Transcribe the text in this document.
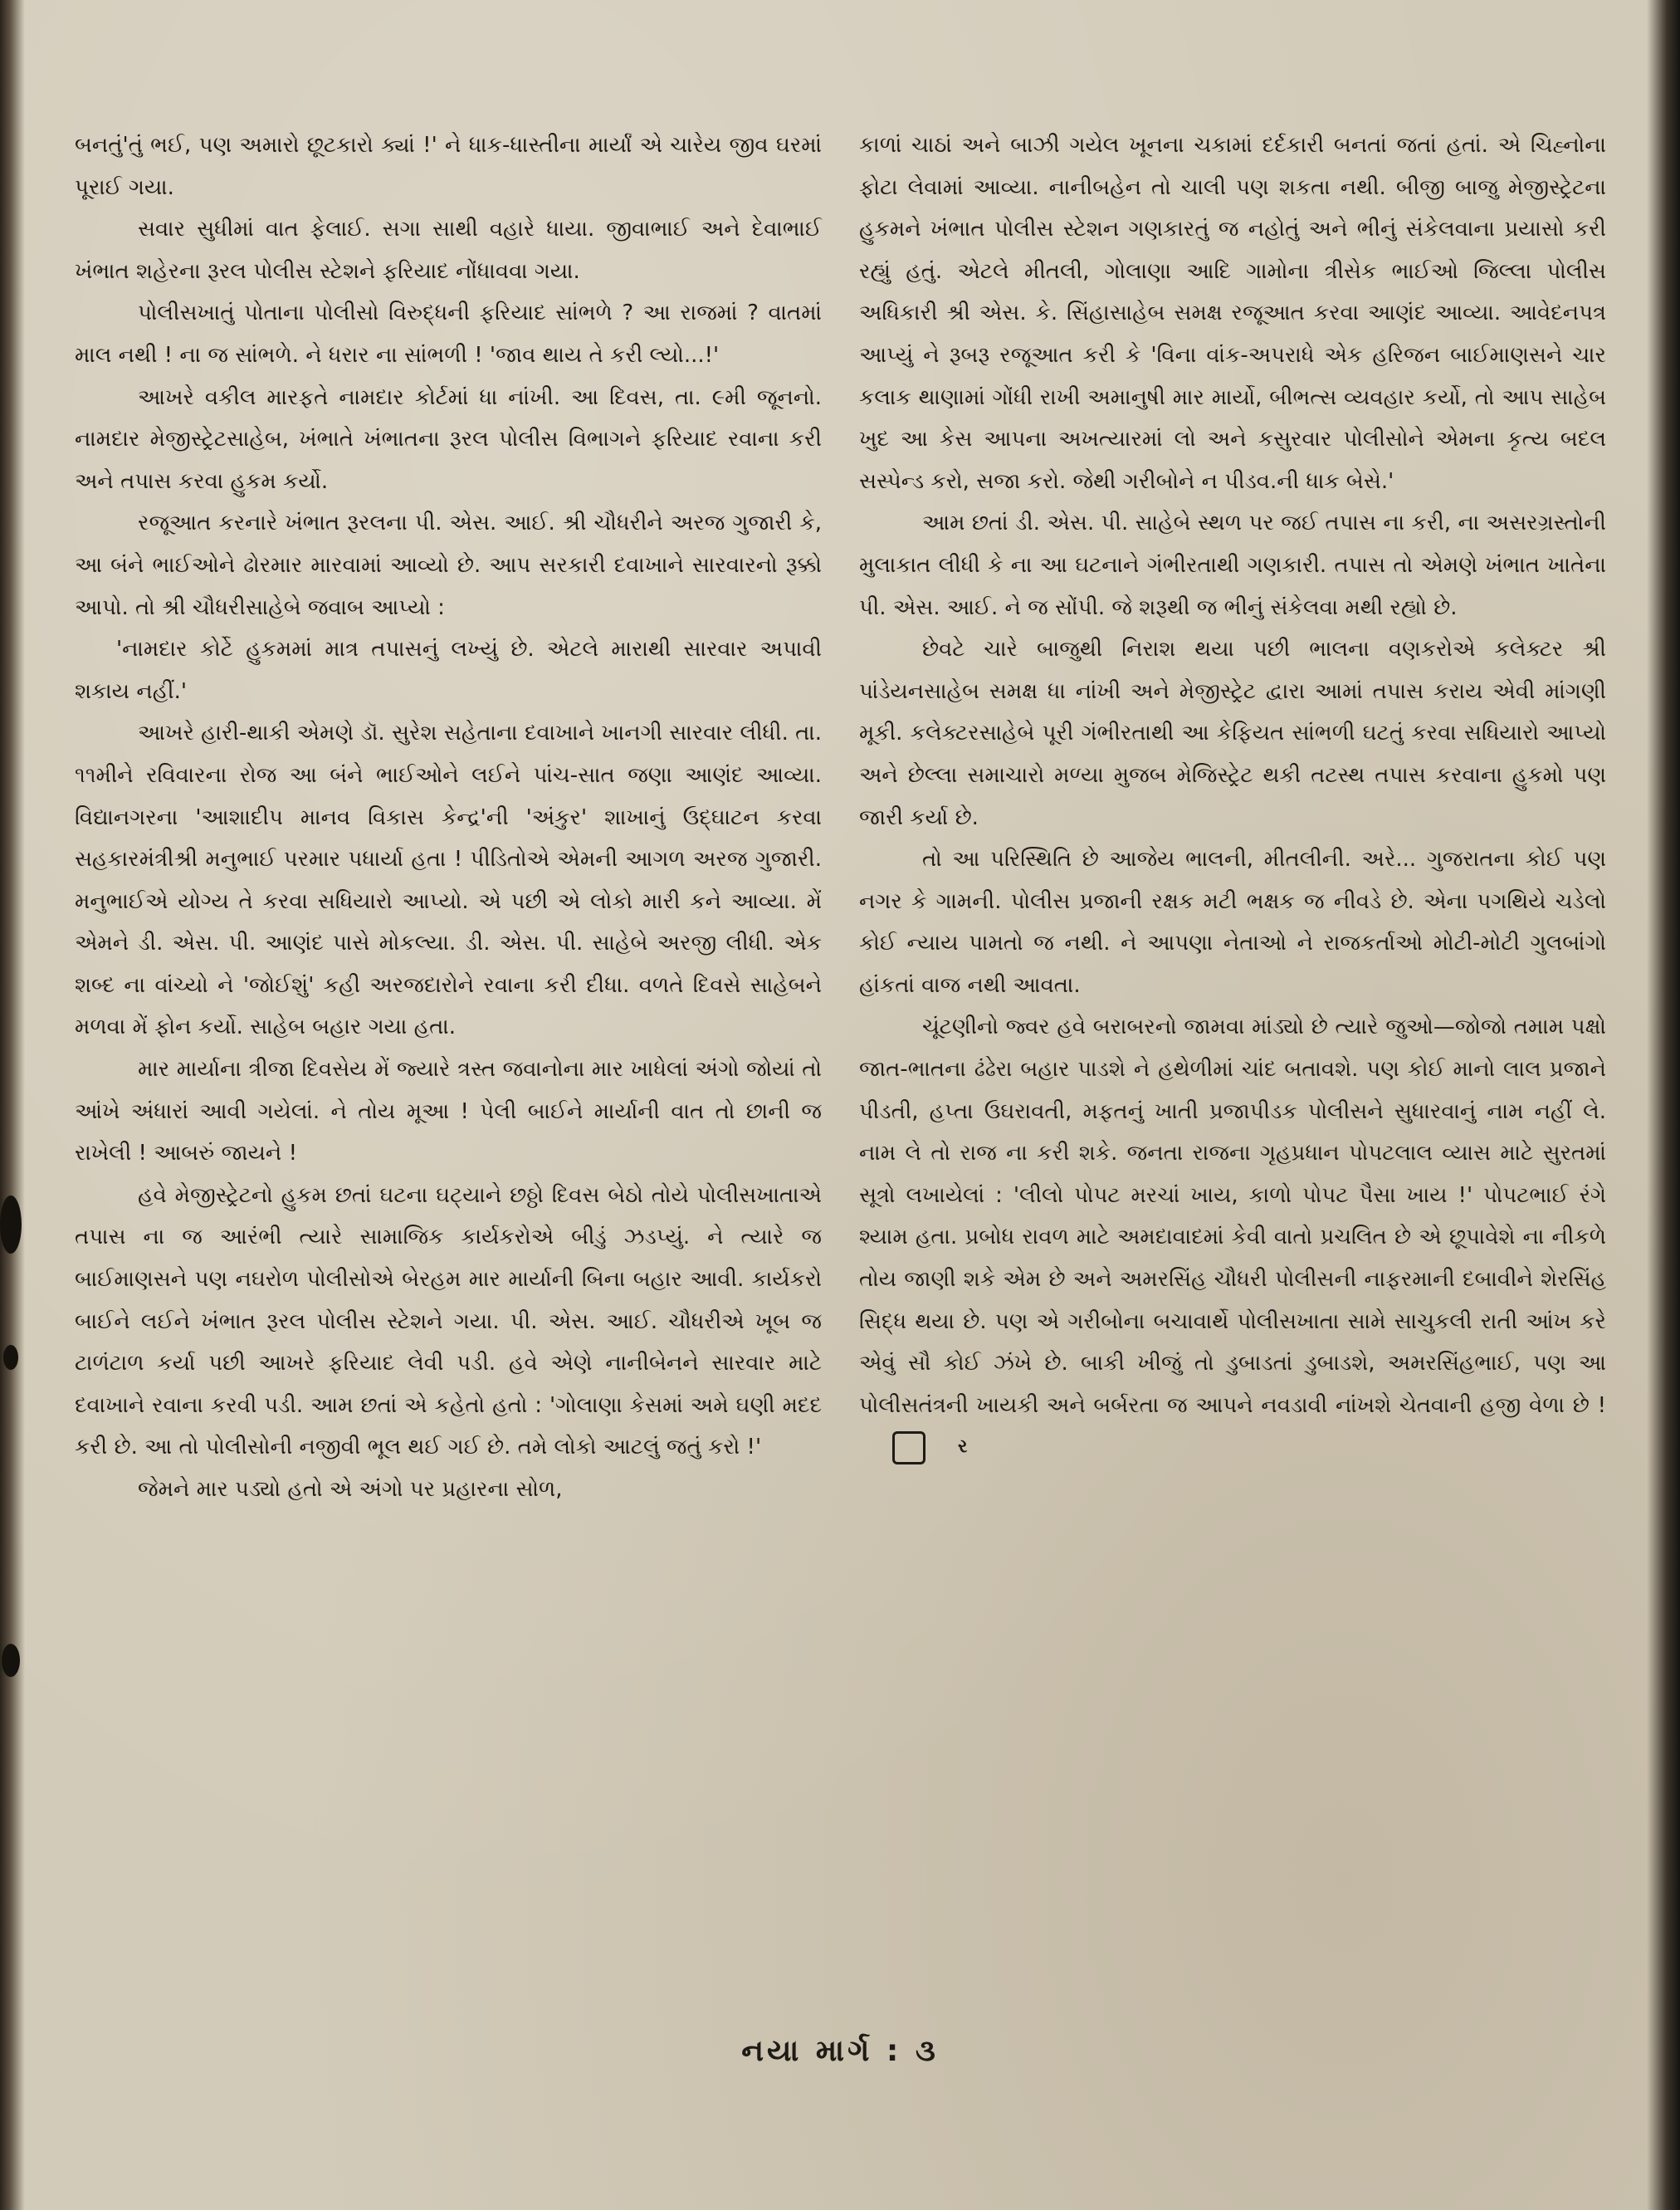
બનતું'તું ભઈ, પણ અમારો છૂટકારો ક્યાં !' ને ધાક-ધાસ્તીના માર્યાં એ ચારેય જીવ ઘરમાં પૂરાઈ ગયા.

સવાર સુધીમાં વાત ફેલાઈ. સગા સાથી વહારે ધાયા. જીવાભાઈ અને દેવાભાઈ ખંભાત શહેરના રૂરલ પોલીસ સ્ટેશને ફરિયાદ નોંધાવવા ગયા.

પોલીસખાતું પોતાના પોલીસો વિરુદ્ધની ફરિયાદ સાંભળે ? આ રાજમાં ? વાતમાં માલ નથી ! ના જ સાંભળે. ને ધરાર ના સાંભળી ! 'જાવ થાય તે કરી લ્યો...!'

આખરે વકીલ મારફતે નામદાર કોર્ટમાં ધા નાંખી. આ દિવસ, તા. ૯મી જૂનનો. નામદાર મેજીસ્ટ્રેટસાહેબ, ખંભાતે ખંભાતના રૂરલ પોલીસ વિભાગને ફરિયાદ રવાના કરી અને તપાસ કરવા હુકમ કર્યો.

રજૂઆત કરનારે ખંભાત રૂરલના પી. એસ. આઈ. શ્રી ચૌધરીને અરજ ગુજારી કે, આ બંને ભાઈઓને ઢોરમાર મારવામાં આવ્યો છે. આપ સરકારી દવાખાને સારવારનો રૂક્કો આપો. તો શ્રી ચૌધરીસાહેબે જવાબ આપ્યો :

'નામદાર કોર્ટે હુકમમાં માત્ર તપાસનું લખ્યું છે. એટલે મારાથી સારવાર અપાવી શકાય નહીં.'

આખરે હારી-થાકી એમણે ડૉ. સુરેશ સહેતાના દવાખાને ખાનગી સારવાર લીધી. તા. ૧૧મીને રવિવારના રોજ આ બંને ભાઈઓને લઈને પાંચ-સાત જણા આણંદ આવ્યા. વિદ્યાનગરના 'આશાદીપ માનવ વિકાસ કેન્દ્ર'ની 'અંકુર' શાખાનું ઉદ્ઘાટન કરવા સહકારમંત્રીશ્રી મનુભાઈ પરમાર પધાર્યા હતા ! પીડિતોએ એમની આગળ અરજ ગુજારી. મનુભાઈએ યોગ્ય તે કરવા સધિયારો આપ્યો. એ પછી એ લોકો મારી કને આવ્યા. મેં એમને ડી. એસ. પી. આણંદ પાસે મોકલ્યા. ડી. એસ. પી. સાહેબે અરજી લીધી. એક શબ્દ ના વાંચ્યો ને 'જોઈશું' કહી અરજદારોને રવાના કરી દીધા. વળતે દિવસે સાહેબને મળવા મેં ફોન કર્યો. સાહેબ બહાર ગયા હતા.

માર માર્યાના ત્રીજા દિવસેય મેં જ્યારે ત્રસ્ત જવાનોના માર ખાધેલાં અંગો જોયાં તો આંખે અંધારાં આવી ગયેલાં. ને તોય મૂઆ ! પેલી બાઈને માર્યાની વાત તો છાની જ રાખેલી ! આબરું જાયને !

હવે મેજીસ્ટ્રેટનો હુકમ છતાં ઘટના ઘટ્યાને છઠ્ઠો દિવસ બેઠો તોયે પોલીસખાતાએ તપાસ ના જ આરંભી ત્યારે સામાજિક કાર્યકરોએ બીડું ઝડપ્યું. ને ત્યારે જ બાઈમાણસને પણ નઘરોળ પોલીસોએ બેરહમ માર માર્યાની બિના બહાર આવી. કાર્યકરો બાઈને લઈને ખંભાત રૂરલ પોલીસ સ્ટેશને ગયા. પી. એસ. આઈ. ચૌધરીએ ખૂબ જ ટાળંટાળ કર્યા પછી આખરે ફરિયાદ લેવી પડી. હવે એણે નાનીબેનને સારવાર માટે દવાખાને રવાના કરવી પડી. આમ છતાં એ કહેતો હતો : 'ગોલાણા કેસમાં અમે ઘણી મદદ કરી છે. આ તો પોલીસોની નજીવી ભૂલ થઈ ગઈ છે. તમે લોકો આટલું જતું કરો !'

જેમને માર પડ્યો હતો એ અંગો પર પ્રહારના સોળ,

કાળાં ચાઠાં અને બાઝી ગયેલ ખૂનના ચકામાં દર્દકારી બનતાં જતાં હતાં. એ ચિહ્નોના ફોટા લેવામાં આવ્યા. નાનીબહેન તો ચાલી પણ શકતા નથી. બીજી બાજુ મેજીસ્ટ્રેટના હુકમને ખંભાત પોલીસ સ્ટેશન ગણકારતું જ નહોતું અને ભીનું સંકેલવાના પ્રયાસો કરી રહ્યું હતું. એટલે મીતલી, ગોલાણા આદિ ગામોના ત્રીસેક ભાઈઓ જિલ્લા પોલીસ અધિકારી શ્રી એસ. કે. સિંહાસાહેબ સમક્ષ રજૂઆત કરવા આણંદ આવ્યા. આવેદનપત્ર આપ્યું ને રૂબરૂ રજૂઆત કરી કે 'વિના વાંક-અપરાધે એક હરિજન બાઈમાણસને ચાર કલાક થાણામાં ગોંધી રાખી અમાનુષી માર માર્યો, બીભત્સ વ્યવહાર કર્યો, તો આપ સાહેબ ખુદ આ કેસ આપના અખત્યારમાં લો અને કસુરવાર પોલીસોને એમના કૃત્ય બદલ સસ્પેન્ડ કરો, સજા કરો. જેથી ગરીબોને ન પીડવ.ની ધાક બેસે.'

આમ છતાં ડી. એસ. પી. સાહેબે સ્થળ પર જઈ તપાસ ના કરી, ના અસરગ્રસ્તોની મુલાકાત લીધી કે ના આ ઘટનાને ગંભીરતાથી ગણકારી. તપાસ તો એમણે ખંભાત ખાતેના પી. એસ. આઈ. ને જ સોંપી. જે શરૂથી જ ભીનું સંકેલવા મથી રહ્યો છે.

છેવટે ચારે બાજુથી નિરાશ થયા પછી ભાલના વણકરોએ કલેક્ટર શ્રી પાંડેયનસાહેબ સમક્ષ ધા નાંખી અને મેજીસ્ટ્રેટ દ્વારા આમાં તપાસ કરાય એવી માંગણી મૂકી. કલેક્ટરસાહેબે પૂરી ગંભીરતાથી આ કેફિયત સાંભળી ઘટતું કરવા સધિયારો આપ્યો અને છેલ્લા સમાચારો મળ્યા મુજબ મેજિસ્ટ્રેટ થકી તટસ્થ તપાસ કરવાના હુકમો પણ જારી કર્યા છે.

તો આ પરિસ્થિતિ છે આજેય ભાલની, મીતલીની. અરે... ગુજરાતના કોઈ પણ નગર કે ગામની. પોલીસ પ્રજાની રક્ષક મટી ભક્ષક જ નીવડે છે. એના પગથિયે ચડેલો કોઈ ન્યાય પામતો જ નથી. ને આપણા નેતાઓ ને રાજકર્તાઓ મોટી-મોટી ગુલબાંગો હાંકતાં વાજ નથી આવતા.

ચૂંટણીનો જ્વર હવે બરાબરનો જામવા માંડ્યો છે ત્યારે જુઓ—જોજો તમામ પક્ષો જાત-ભાતના ઢંઢેરા બહાર પાડશે ને હથેળીમાં ચાંદ બતાવશે. પણ કોઈ માનો લાલ પ્રજાને પીડતી, હપ્તા ઉઘરાવતી, મફતનું ખાતી પ્રજાપીડક પોલીસને સુધારવાનું નામ નહીં લે. નામ લે તો રાજ ના કરી શકે. જનતા રાજના ગૃહપ્રધાન પોપટલાલ વ્યાસ માટે સુરતમાં સૂત્રો લખાયેલાં : 'લીલો પોપટ મરચાં ખાય, કાળો પોપટ પૈસા ખાય !' પોપટભાઈ રંગે શ્યામ હતા. પ્રબોધ રાવળ માટે અમદાવાદમાં કેવી વાતો પ્રચલિત છે એ છૂપાવેશે ના નીકળે તોય જાણી શકે એમ છે અને અમરસિંહ ચૌધરી પોલીસની નાફરમાની દબાવીને શેરસિંહ સિદ્ધ થયા છે. પણ એ ગરીબોના બચાવાર્થે પોલીસખાતા સામે સાચુકલી રાતી આંખ કરે એવું સૌ કોઈ ઝંખે છે. બાકી ખીજું તો ડુબાડતાં ડુબાડશે, અમરસિંહભાઈ, પણ આ પોલીસતંત્રની ખાયકી અને બર્બરતા જ આપને નવડાવી નાંખશે ચેતવાની હજી વેળા છે !ર

નયા માર્ગ : ૩
